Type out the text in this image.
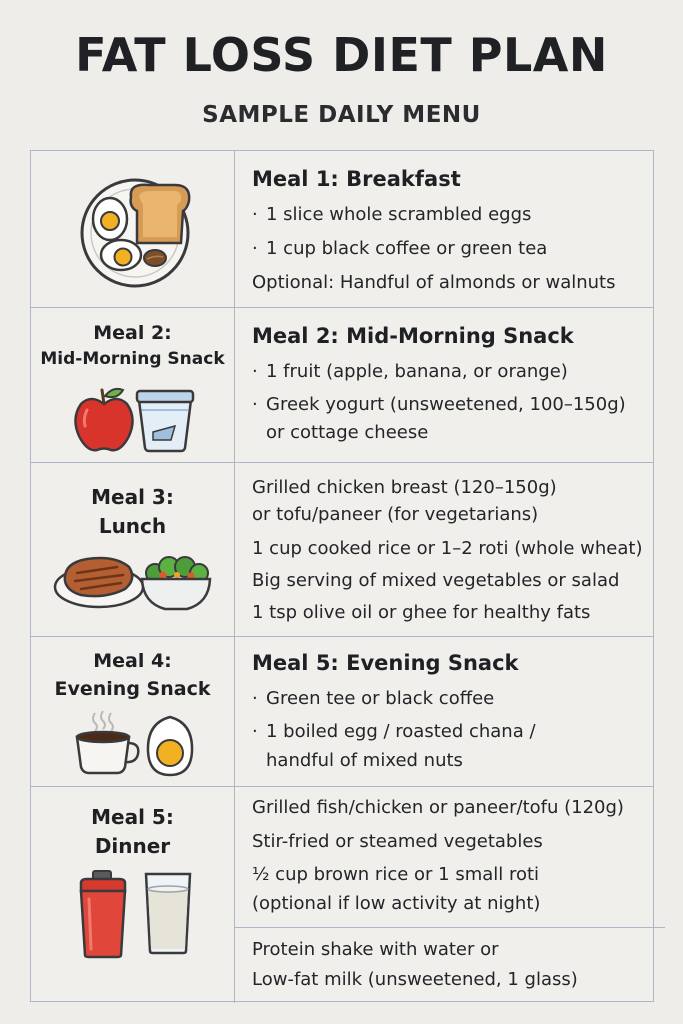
FAT LOSS DIET PLAN
SAMPLE DAILY MENU
Meal 1: Breakfast
· 1 slice whole scrambled eggs
· 1 cup black coffee or green tea
Optional: Handful of almonds or walnuts
Meal 2:
Mid-Morning Snack
Meal 2: Mid-Morning Snack
· 1 fruit (apple, banana, or orange)
· Greek yogurt (unsweetened, 100–150g)
or cottage cheese
Meal 3:
Lunch
Grilled chicken breast (120–150g)
or tofu/paneer (for vegetarians)
1 cup cooked rice or 1–2 roti (whole wheat)
Big serving of mixed vegetables or salad
1 tsp olive oil or ghee for healthy fats
Meal 4:
Evening Snack
Meal 5: Evening Snack
· Green tee or black coffee
· 1 boiled egg / roasted chana /
handful of mixed nuts
Meal 5:
Dinner
Grilled fish/chicken or paneer/tofu (120g)
Stir-fried or steamed vegetables
½ cup brown rice or 1 small roti
(optional if low activity at night)
Protein shake with water or
Low-fat milk (unsweetened, 1 glass)
